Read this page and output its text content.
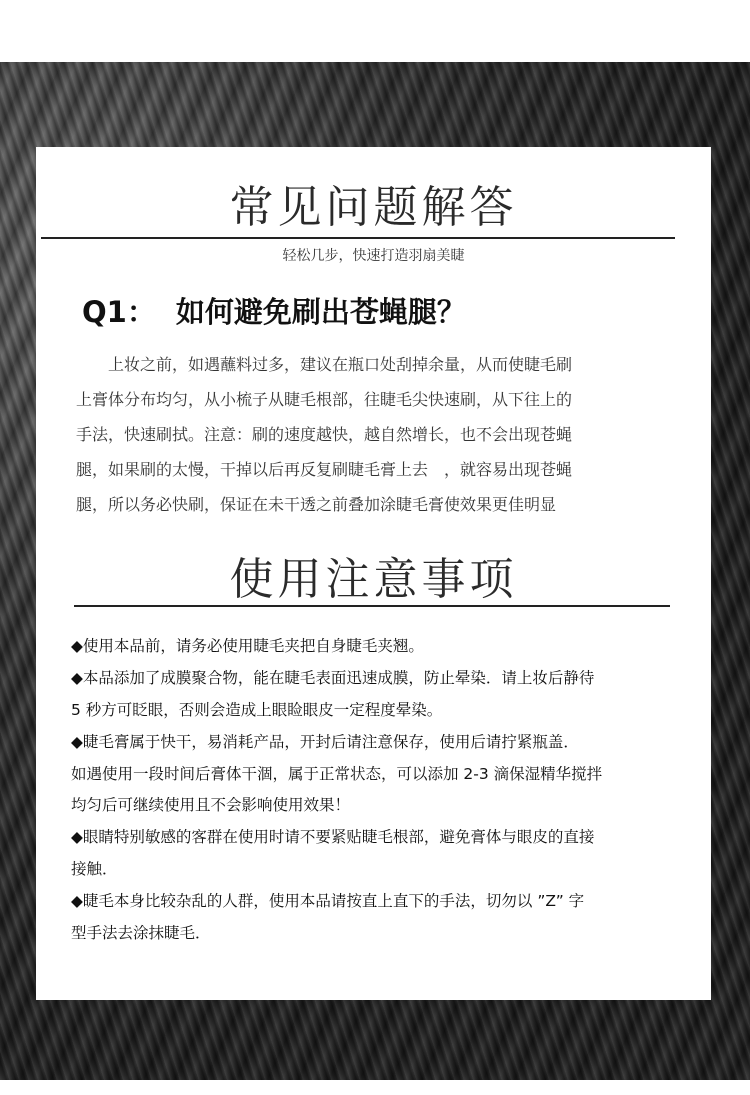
常见问题解答
轻松几步，快速打造羽扇美睫
Q1： 如何避免刷出苍蝇腿？
上妆之前，如遇蘸料过多，建议在瓶口处刮掉余量，从而使睫毛刷
上膏体分布均匀，从小梳子从睫毛根部，往睫毛尖快速刷，从下往上的
手法，快速刷拭。注意：刷的速度越快，越自然增长，也不会出现苍蝇
腿，如果刷的太慢，干掉以后再反复刷睫毛膏上去　，就容易出现苍蝇
腿，所以务必快刷，保证在未干透之前叠加涂睫毛膏使效果更佳明显
使用注意事项
◆使用本品前，请务必使用睫毛夹把自身睫毛夹翘。
◆本品添加了成膜聚合物，能在睫毛表面迅速成膜，防止晕染．请上妆后静待
5 秒方可眨眼，否则会造成上眼睑眼皮一定程度晕染。
◆睫毛膏属于快干，易消耗产品，开封后请注意保存，使用后请拧紧瓶盖．
如遇使用一段时间后膏体干涸，属于正常状态，可以添加 2-3 滴保湿精华搅拌
均匀后可继续使用且不会影响使用效果！
◆眼睛特别敏感的客群在使用时请不要紧贴睫毛根部，避免膏体与眼皮的直接
接触．
◆睫毛本身比较杂乱的人群，使用本品请按直上直下的手法，切勿以 ”Z” 字
型手法去涂抹睫毛．
